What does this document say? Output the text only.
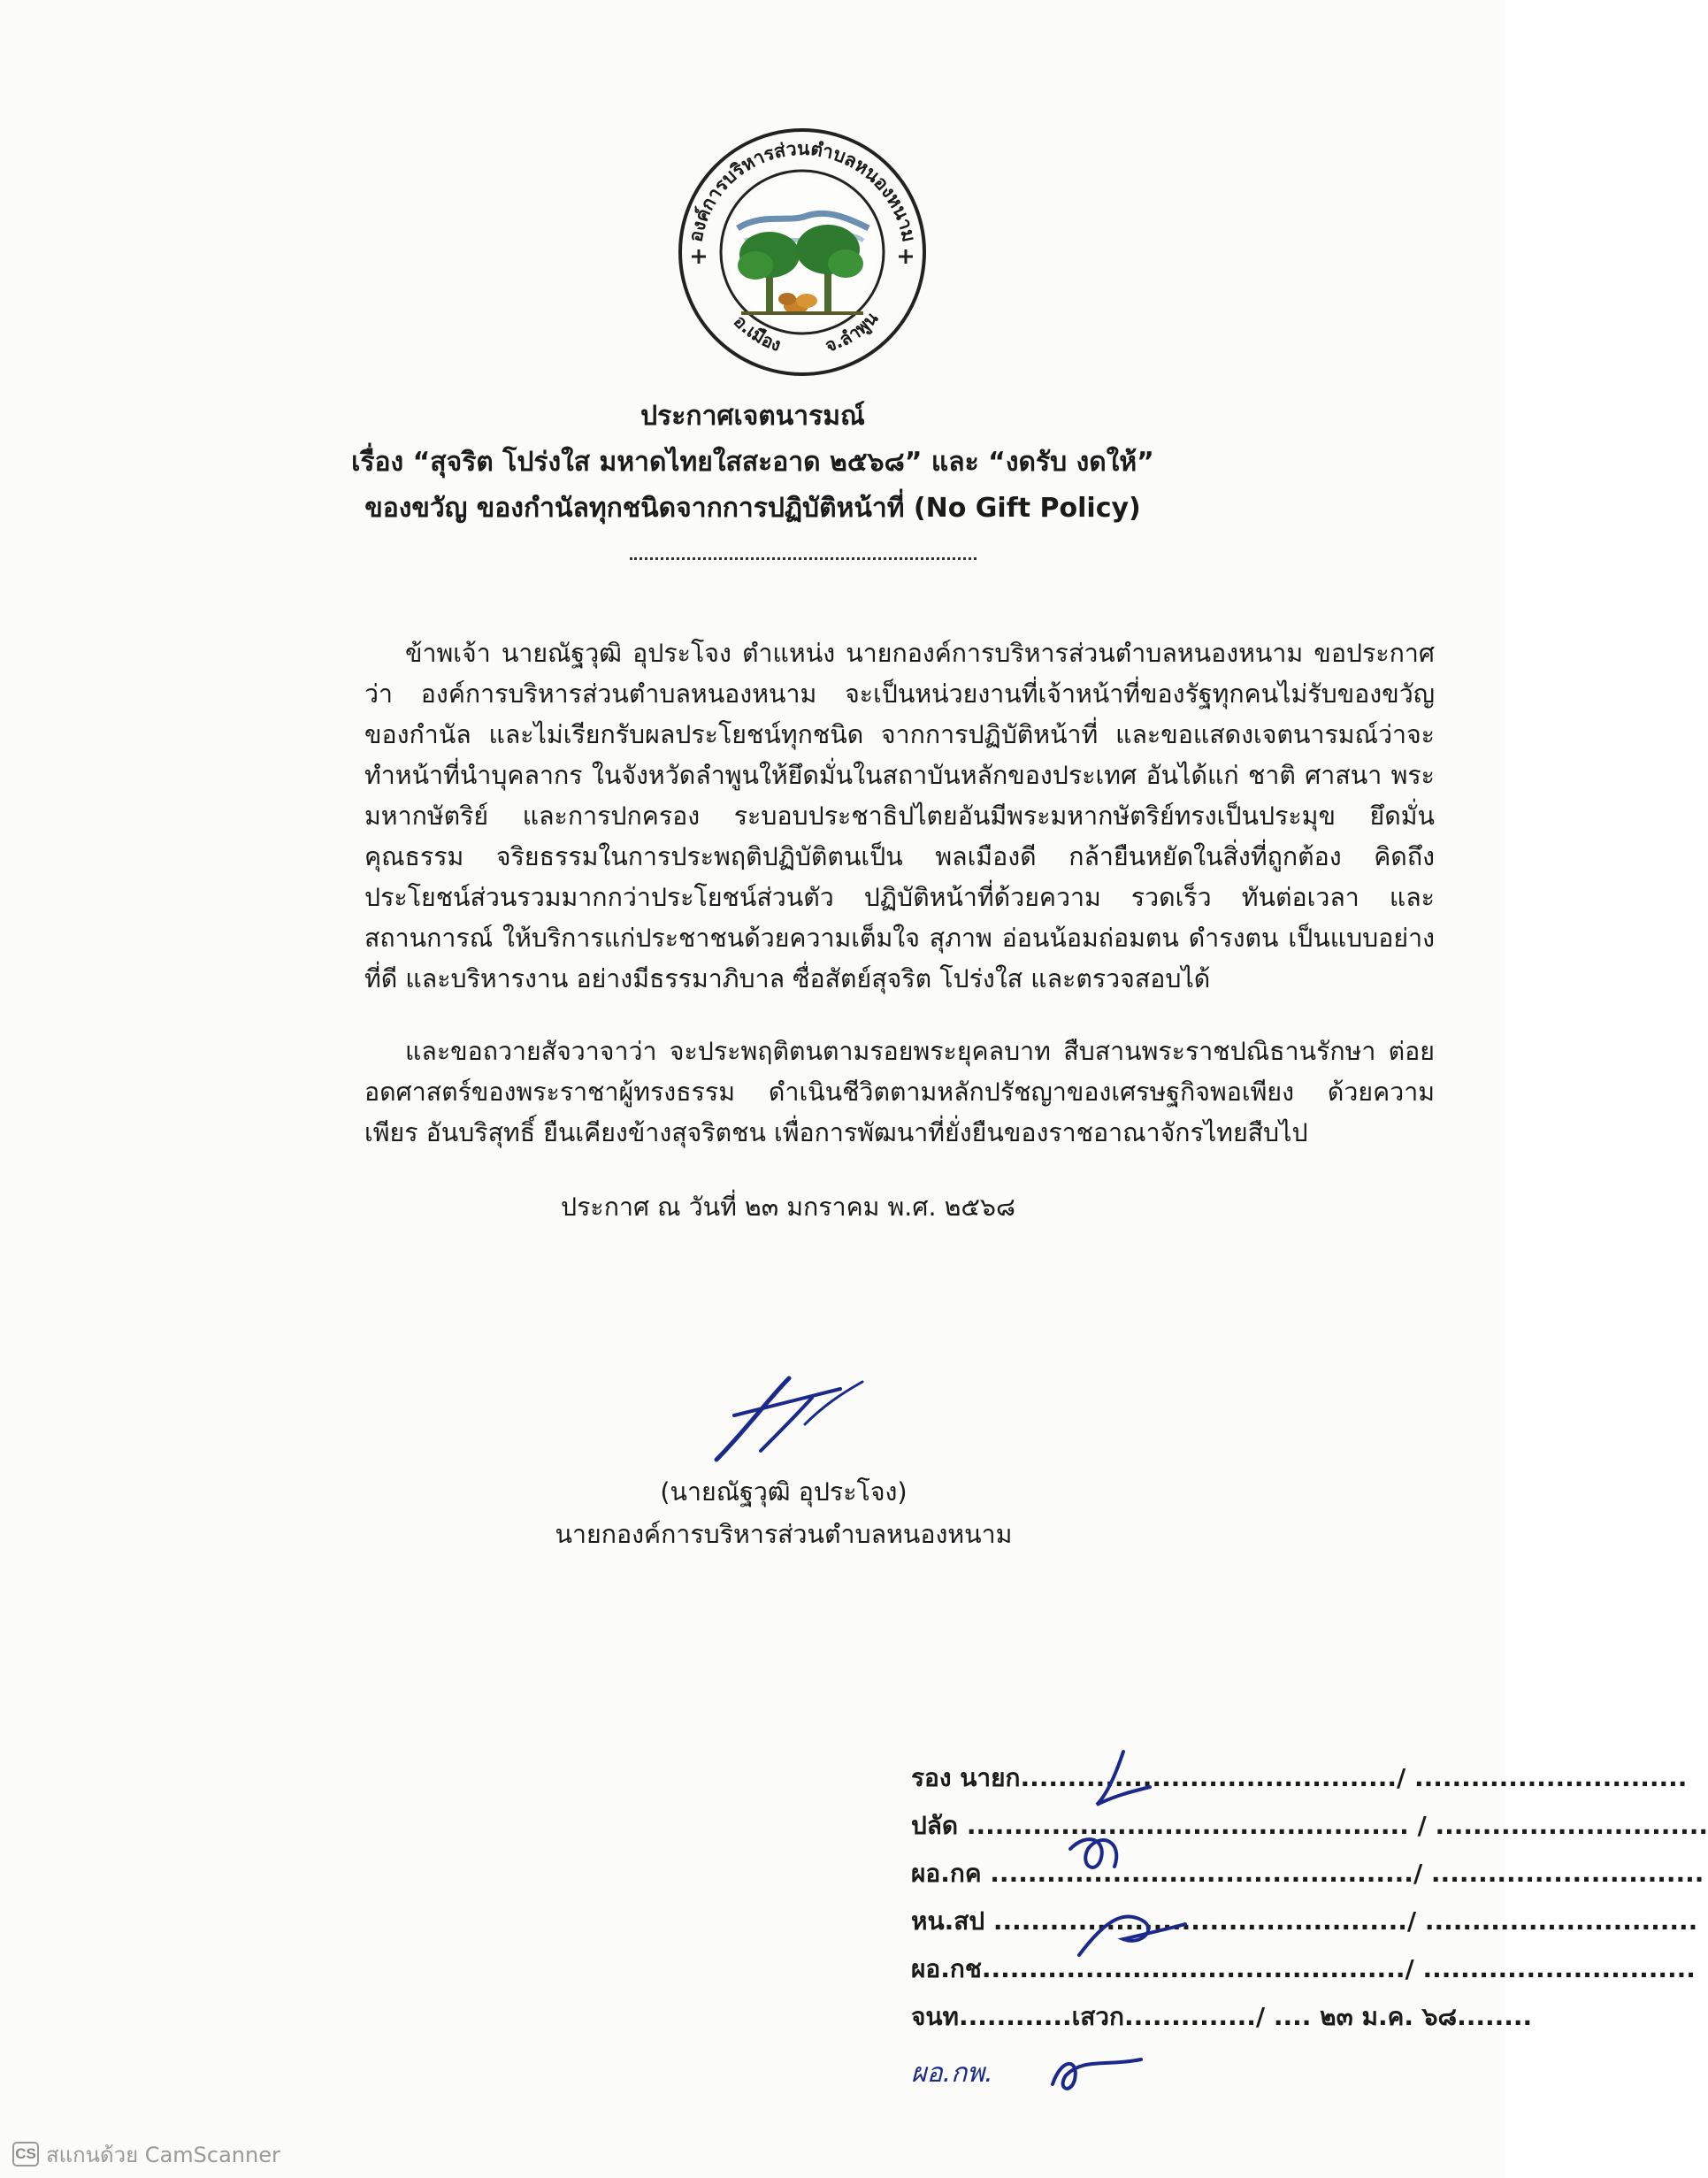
องค์การบริหารส่วนตำบลหนองหนาม
อ.เมือง จ.ลำพูน
ประกาศเจตนารมณ์
เรื่อง “สุจริต โปร่งใส มหาดไทยใสสะอาด ๒๕๖๘” และ “งดรับ งดให้”
ของขวัญ ของกำนัลทุกชนิดจากการปฏิบัติหน้าที่ (No Gift Policy)

ข้าพเจ้า นายณัฐวุฒิ อุประโจง ตำแหน่ง นายกองค์การบริหารส่วนตำบลหนองหนาม ขอประกาศว่า องค์การบริหารส่วนตำบลหนองหนาม จะเป็นหน่วยงานที่เจ้าหน้าที่ของรัฐทุกคนไม่รับของขวัญ ของกำนัล และไม่เรียกรับผลประโยชน์ทุกชนิด จากการปฏิบัติหน้าที่ และขอแสดงเจตนารมณ์ว่าจะทำหน้าที่นำบุคลากร ในจังหวัดลำพูนให้ยึดมั่นในสถาบันหลักของประเทศ อันได้แก่ ชาติ ศาสนา พระมหากษัตริย์ และการปกครอง ระบอบประชาธิปไตยอันมีพระมหากษัตริย์ทรงเป็นประมุข ยึดมั่นคุณธรรม จริยธรรมในการประพฤติปฏิบัติตนเป็น พลเมืองดี กล้ายืนหยัดในสิ่งที่ถูกต้อง คิดถึงประโยชน์ส่วนรวมมากกว่าประโยชน์ส่วนตัว ปฏิบัติหน้าที่ด้วยความ รวดเร็ว ทันต่อเวลา และสถานการณ์ ให้บริการแก่ประชาชนด้วยความเต็มใจ สุภาพ อ่อนน้อมถ่อมตน ดำรงตน เป็นแบบอย่างที่ดี และบริหารงาน อย่างมีธรรมาภิบาล ซื่อสัตย์สุจริต โปร่งใส และตรวจสอบได้

และขอถวายสัจวาจาว่า จะประพฤติตนตามรอยพระยุคลบาท สืบสานพระราชปณิธานรักษา ต่อยอดศาสตร์ของพระราชาผู้ทรงธรรม ดำเนินชีวิตตามหลักปรัชญาของเศรษฐกิจพอเพียง ด้วยความเพียร อันบริสุทธิ์ ยืนเคียงข้างสุจริตชน เพื่อการพัฒนาที่ยั่งยืนของราชอาณาจักรไทยสืบไป

ประกาศ ณ วันที่ ๒๓ มกราคม พ.ศ. ๒๕๖๘
(นายณัฐวุฒิ อุประโจง)
นายกองค์การบริหารส่วนตำบลหนองหนาม
รอง นายก......................................../ .............................
ปลัด ............................................... / .............................
ผอ.กค ............................................./ .............................
หน.สป ............................................/ .............................
ผอ.กช............................................./ .............................
จนท............เสวก............../ .... ๒๓ ม.ค. ๖๘........
ผอ.กพ.
CS สแกนด้วย CamScanner
